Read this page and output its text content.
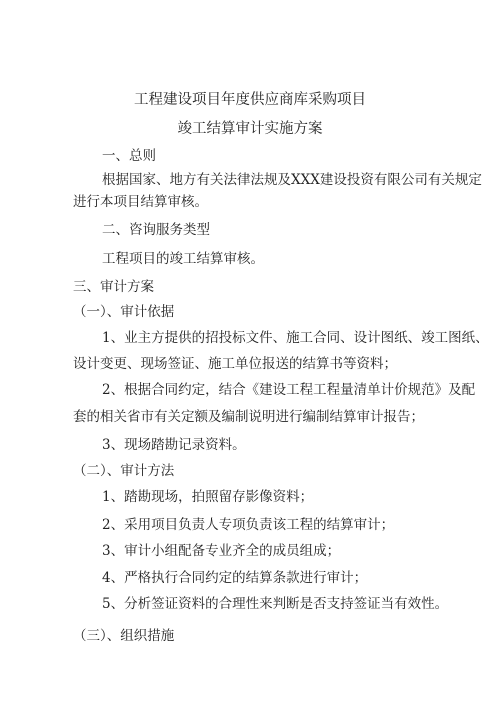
工程建设项目年度供应商库采购项目
竣工结算审计实施方案
一、总则
根据国家、地方有关法律法规及XXX建设投资有限公司有关规定
进行本项目结算审核。
二、咨询服务类型
工程项目的竣工结算审核。
三、审计方案
（一）、审计依据
1、业主方提供的招投标文件、施工合同、设计图纸、竣工图纸、
设计变更、现场签证、施工单位报送的结算书等资料；
2、根据合同约定，结合《建设工程工程量清单计价规范》及配
套的相关省市有关定额及编制说明进行编制结算审计报告；
3、现场踏勘记录资料。
（二）、审计方法
1、踏勘现场，拍照留存影像资料；
2、采用项目负责人专项负责该工程的结算审计；
3、审计小组配备专业齐全的成员组成；
4、严格执行合同约定的结算条款进行审计；
5、分析签证资料的合理性来判断是否支持签证当有效性。
（三）、组织措施
